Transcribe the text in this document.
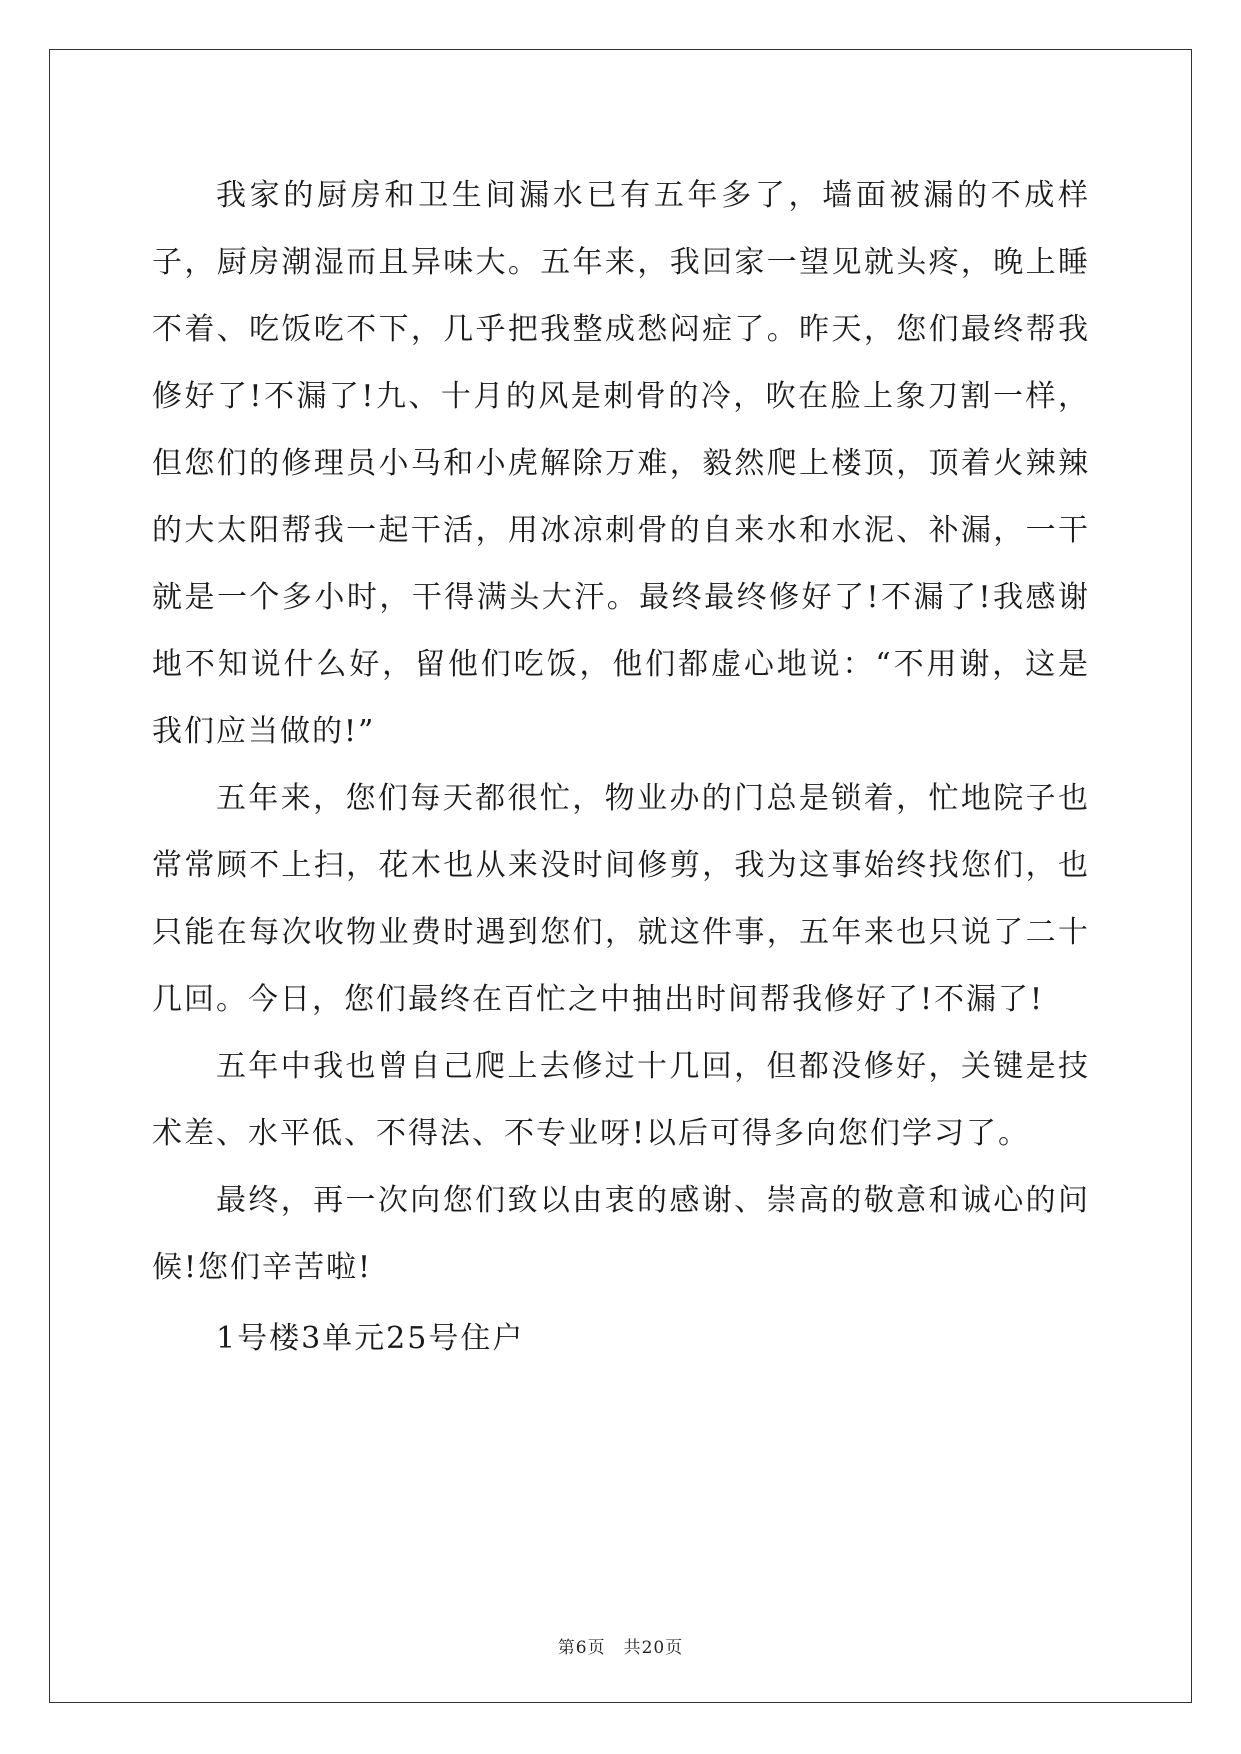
我家的厨房和卫生间漏水已有五年多了，墙面被漏的不成样子，厨房潮湿而且异味大。五年来，我回家一望见就头疼，晚上睡不着、吃饭吃不下，几乎把我整成愁闷症了。昨天，您们最终帮我修好了!不漏了!九、十月的风是刺骨的冷，吹在脸上象刀割一样，但您们的修理员小马和小虎解除万难，毅然爬上楼顶，顶着火辣辣的大太阳帮我一起干活，用冰凉刺骨的自来水和水泥、补漏，一干就是一个多小时，干得满头大汗。最终最终修好了!不漏了!我感谢地不知说什么好，留他们吃饭，他们都虚心地说：“不用谢，这是我们应当做的!”

五年来，您们每天都很忙，物业办的门总是锁着，忙地院子也常常顾不上扫，花木也从来没时间修剪，我为这事始终找您们，也只能在每次收物业费时遇到您们，就这件事，五年来也只说了二十几回。今日，您们最终在百忙之中抽出时间帮我修好了!不漏了!

五年中我也曾自己爬上去修过十几回，但都没修好，关键是技术差、水平低、不得法、不专业呀!以后可得多向您们学习了。

最终，再一次向您们致以由衷的感谢、崇高的敬意和诚心的问候!您们辛苦啦!

1号楼3单元25号住户

第6页 共20页
